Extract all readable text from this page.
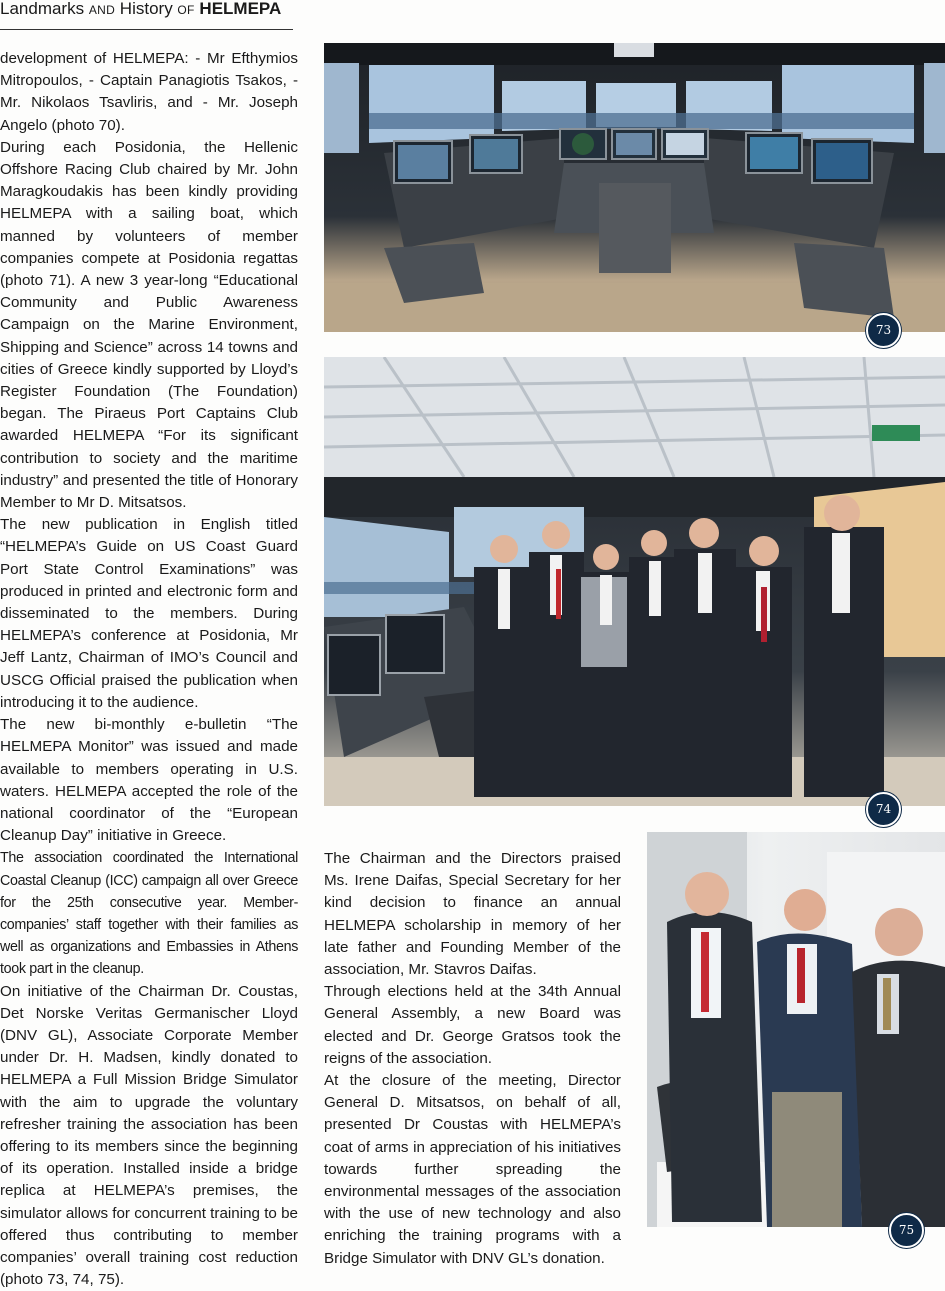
Landmarks AND History OF HELMEPA

development of HELMEPA: - Mr Efthymios Mitropoulos, - Captain Panagiotis Tsakos, - Mr. Nikolaos Tsavliris, and - Mr. Joseph Angelo (photo 70).

During each Posidonia, the Hellenic Offshore Racing Club chaired by Mr. John Maragkoudakis has been kindly providing HELMEPA with a sailing boat, which manned by volunteers of member companies compete at Posidonia regattas (photo 71). A new 3 year-long “Educational Community and Public Awareness Campaign on the Marine Environment, Shipping and Science” across 14 towns and cities of Greece kindly supported by Lloyd’s Register Foundation (The Foundation) began. The Piraeus Port Captains Club awarded HELMEPA “For its significant contribution to society and the maritime industry” and presented the title of Honorary Member to Mr D. Mitsatsos.

The new publication in English titled “HELMEPA’s Guide on US Coast Guard Port State Control Examinations” was produced in printed and electronic form and disseminated to the members. During HELMEPA’s conference at Posidonia, Mr Jeff Lantz, Chairman of IMO’s Council and USCG Official praised the publication when introducing it to the audience.

The new bi-monthly e-bulletin “The HELMEPA Monitor” was issued and made available to members operating in U.S. waters. HELMEPA accepted the role of the national coordinator of the “European Cleanup Day” initiative in Greece.

The association coordinated the International Coastal Cleanup (ICC) campaign all over Greece for the 25th consecutive year. Member-companies’ staff together with their families as well as organizations and Embassies in Athens took part in the cleanup.

On initiative of the Chairman Dr. Coustas, Det Norske Veritas Germanischer Lloyd (DNV GL), Associate Corporate Member under Dr. H. Madsen, kindly donated to HELMEPA a Full Mission Bridge Simulator with the aim to upgrade the voluntary refresher training the association has been offering to its members since the beginning of its operation. Installed inside a bridge replica at HELMEPA’s premises, the simulator allows for concurrent training to be offered thus contributing to member companies’ overall training cost reduction (photo 73, 74, 75).

The Chairman and the Directors praised Ms. Irene Daifas, Special Secretary for her kind decision to finance an annual HELMEPA scholarship in memory of her late father and Founding Member of the association, Mr. Stavros Daifas.

Through elections held at the 34th Annual General Assembly, a new Board was elected and Dr. George Gratsos took the reigns of the association.

At the closure of the meeting, Director General D. Mitsatsos, on behalf of all, presented Dr Coustas with HELMEPA’s coat of arms in appreciation of his initiatives towards further spreading the environmental messages of the association with the use of new technology and also enriching the training programs with a Bridge Simulator with DNV GL’s donation.

73
74
75
